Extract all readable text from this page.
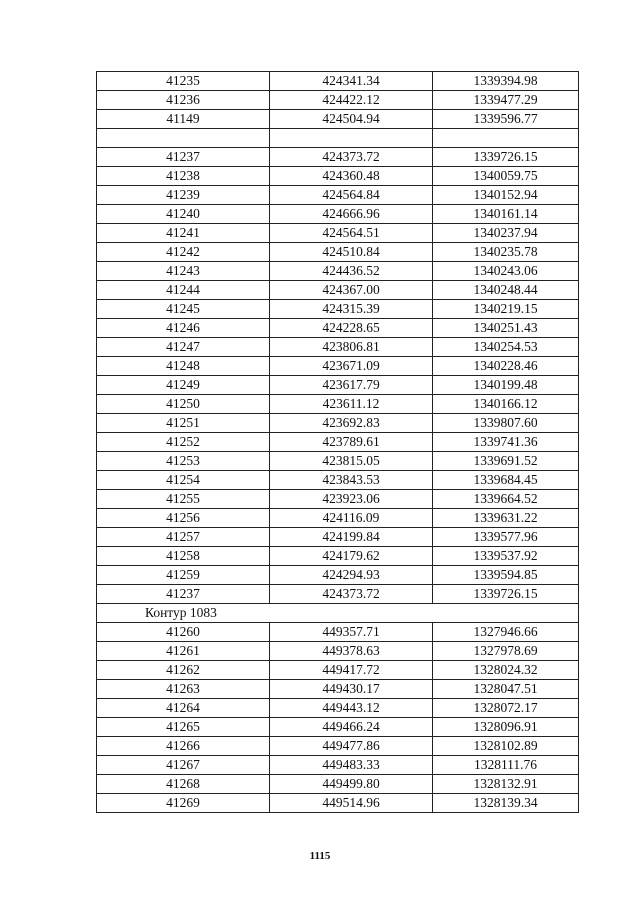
41235	424341.34	1339394.98
41236	424422.12	1339477.29
41149	424504.94	1339596.77

41237	424373.72	1339726.15
41238	424360.48	1340059.75
41239	424564.84	1340152.94
41240	424666.96	1340161.14
41241	424564.51	1340237.94
41242	424510.84	1340235.78
41243	424436.52	1340243.06
41244	424367.00	1340248.44
41245	424315.39	1340219.15
41246	424228.65	1340251.43
41247	423806.81	1340254.53
41248	423671.09	1340228.46
41249	423617.79	1340199.48
41250	423611.12	1340166.12
41251	423692.83	1339807.60
41252	423789.61	1339741.36
41253	423815.05	1339691.52
41254	423843.53	1339684.45
41255	423923.06	1339664.52
41256	424116.09	1339631.22
41257	424199.84	1339577.96
41258	424179.62	1339537.92
41259	424294.93	1339594.85
41237	424373.72	1339726.15
Контур 1083		
41260	449357.71	1327946.66
41261	449378.63	1327978.69
41262	449417.72	1328024.32
41263	449430.17	1328047.51
41264	449443.12	1328072.17
41265	449466.24	1328096.91
41266	449477.86	1328102.89
41267	449483.33	1328111.76
41268	449499.80	1328132.91
41269	449514.96	1328139.34
1115
